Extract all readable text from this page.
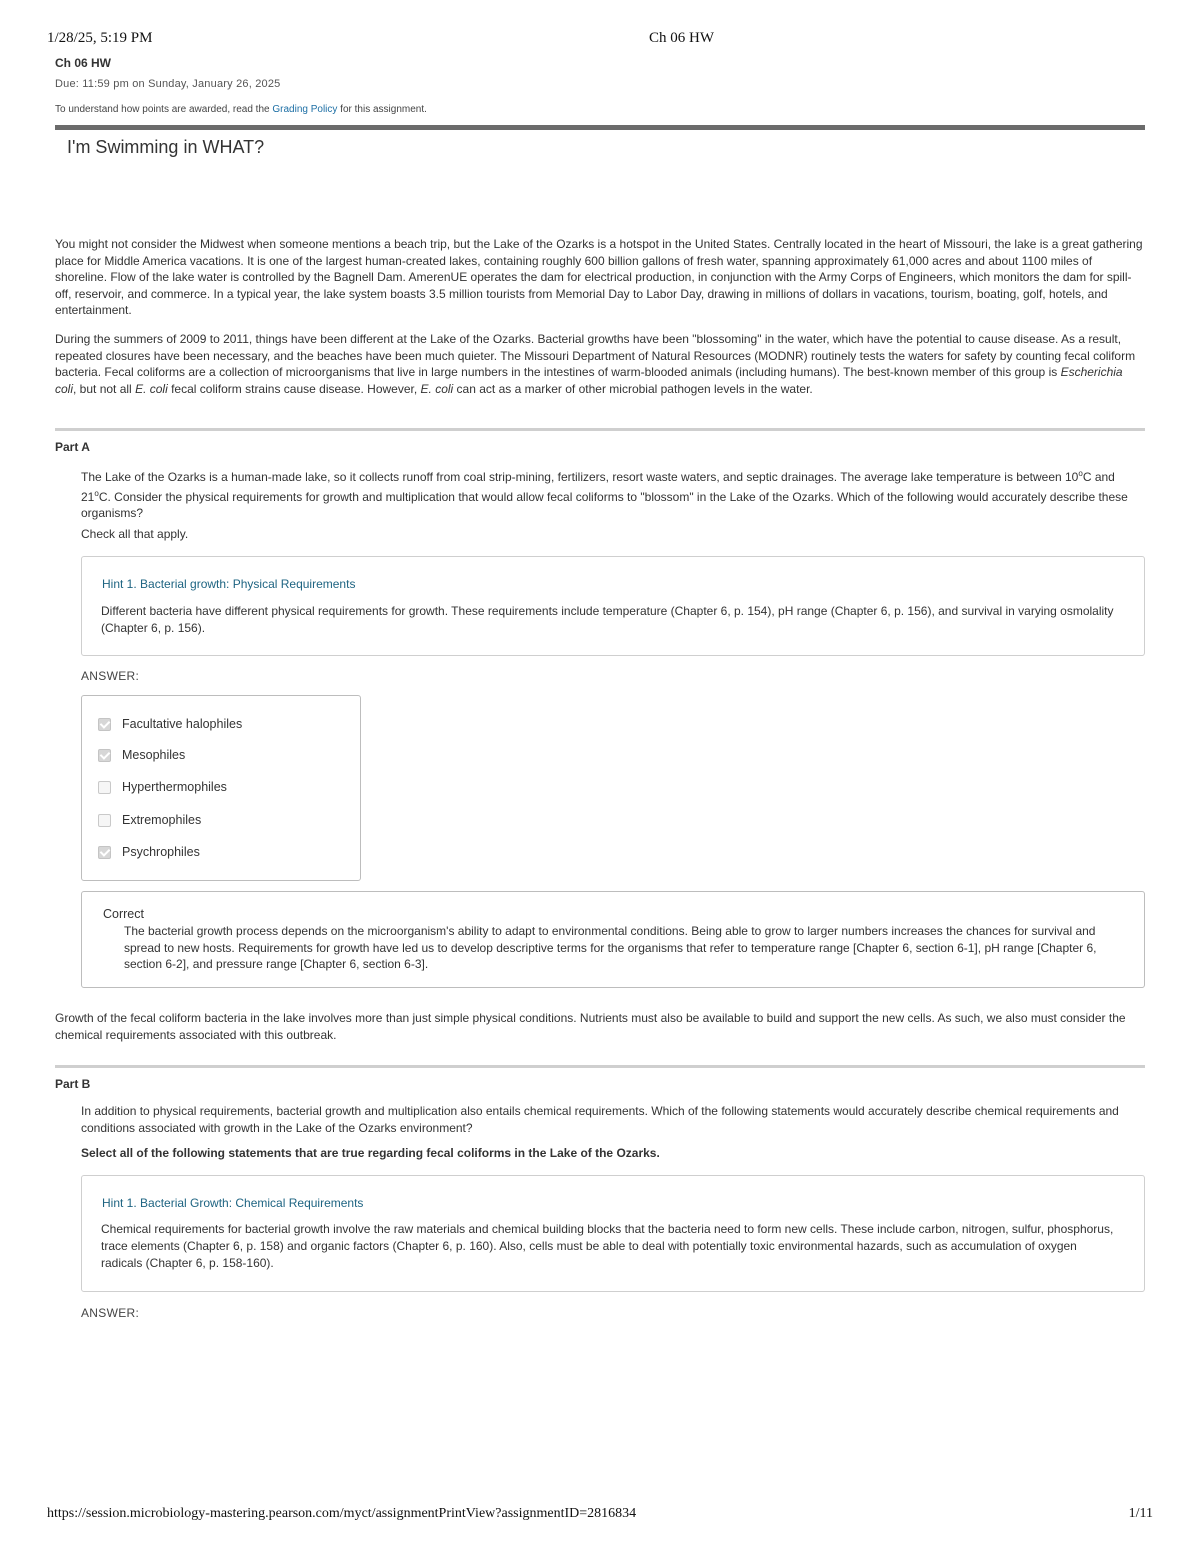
1/28/25, 5:19 PM	Ch 06 HW
Ch 06 HW
Due: 11:59 pm on Sunday, January 26, 2025
To understand how points are awarded, read the Grading Policy for this assignment.
I'm Swimming in WHAT?

You might not consider the Midwest when someone mentions a beach trip, but the Lake of the Ozarks is a hotspot in the United States. Centrally located in the heart of Missouri, the lake is a great gathering place for Middle America vacations. It is one of the largest human-created lakes, containing roughly 600 billion gallons of fresh water, spanning approximately 61,000 acres and about 1100 miles of shoreline. Flow of the lake water is controlled by the Bagnell Dam. AmerenUE operates the dam for electrical production, in conjunction with the Army Corps of Engineers, which monitors the dam for spill-off, reservoir, and commerce. In a typical year, the lake system boasts 3.5 million tourists from Memorial Day to Labor Day, drawing in millions of dollars in vacations, tourism, boating, golf, hotels, and entertainment.

During the summers of 2009 to 2011, things have been different at the Lake of the Ozarks. Bacterial growths have been "blossoming" in the water, which have the potential to cause disease. As a result, repeated closures have been necessary, and the beaches have been much quieter. The Missouri Department of Natural Resources (MODNR) routinely tests the waters for safety by counting fecal coliform bacteria. Fecal coliforms are a collection of microorganisms that live in large numbers in the intestines of warm-blooded animals (including humans). The best-known member of this group is Escherichia coli, but not all E. coli fecal coliform strains cause disease. However, E. coli can act as a marker of other microbial pathogen levels in the water.

Part A

The Lake of the Ozarks is a human-made lake, so it collects runoff from coal strip-mining, fertilizers, resort waste waters, and septic drainages. The average lake temperature is between 10$^o$C and 21$^o$C. Consider the physical requirements for growth and multiplication that would allow fecal coliforms to "blossom" in the Lake of the Ozarks. Which of the following would accurately describe these organisms?

Check all that apply.
Hint 1. Bacterial growth: Physical Requirements

Different bacteria have different physical requirements for growth. These requirements include temperature (Chapter 6, p. 154), pH range (Chapter 6, p. 156), and survival in varying osmolality (Chapter 6, p. 156).

ANSWER:
Facultative halophiles
Mesophiles
Hyperthermophiles
Extremophiles
Psychrophiles
Correct

The bacterial growth process depends on the microorganism's ability to adapt to environmental conditions. Being able to grow to larger numbers increases the chances for survival and spread to new hosts. Requirements for growth have led us to develop descriptive terms for the organisms that refer to temperature range [Chapter 6, section 6-1], pH range [Chapter 6, section 6-2], and pressure range [Chapter 6, section 6-3].

Growth of the fecal coliform bacteria in the lake involves more than just simple physical conditions. Nutrients must also be available to build and support the new cells. As such, we also must consider the chemical requirements associated with this outbreak.

Part B

In addition to physical requirements, bacterial growth and multiplication also entails chemical requirements. Which of the following statements would accurately describe chemical requirements and conditions associated with growth in the Lake of the Ozarks environment?

Select all of the following statements that are true regarding fecal coliforms in the Lake of the Ozarks.
Hint 1. Bacterial Growth: Chemical Requirements

Chemical requirements for bacterial growth involve the raw materials and chemical building blocks that the bacteria need to form new cells. These include carbon, nitrogen, sulfur, phosphorus, trace elements (Chapter 6, p. 158) and organic factors (Chapter 6, p. 160). Also, cells must be able to deal with potentially toxic environmental hazards, such as accumulation of oxygen radicals (Chapter 6, p. 158-160).

ANSWER:
https://session.microbiology-mastering.pearson.com/myct/assignmentPrintView?assignmentID=2816834	1/11
